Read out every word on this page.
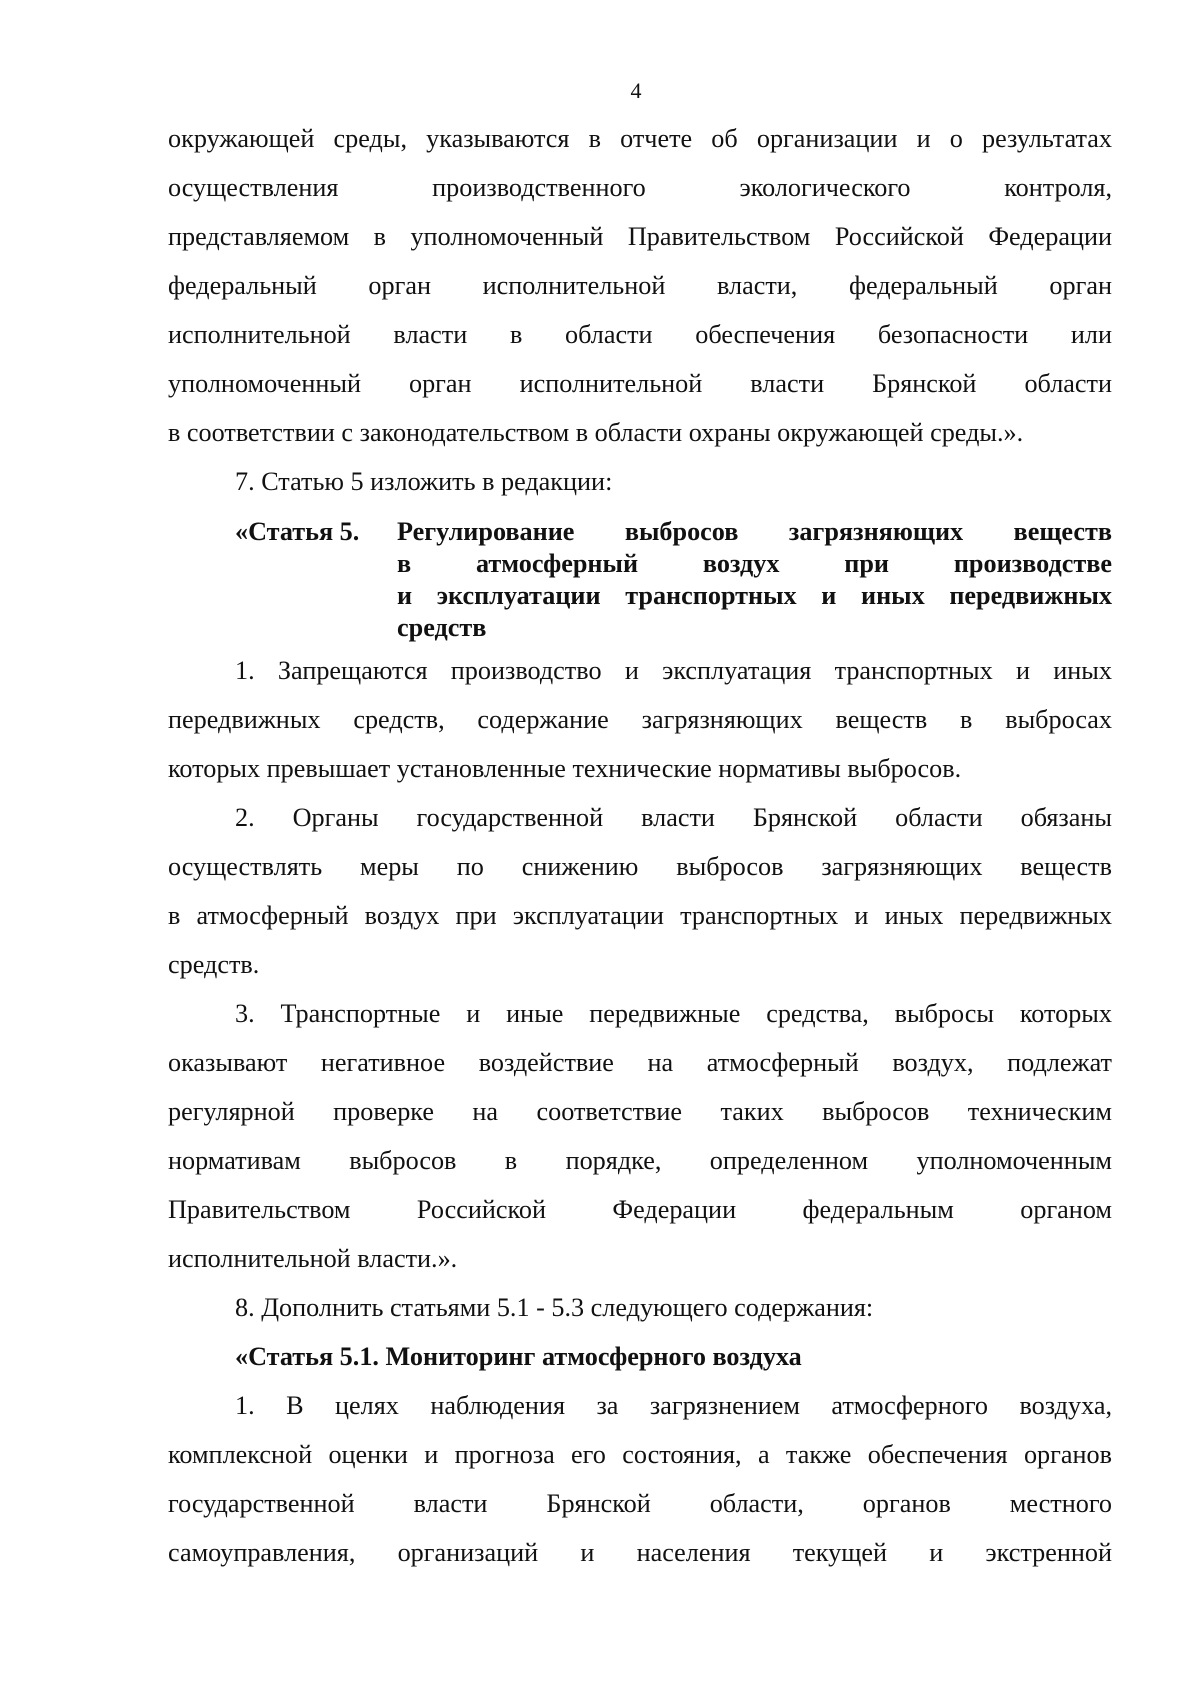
4
окружающей среды, указываются в отчете об организации и о результатах
осуществления производственного экологического контроля,
представляемом в уполномоченный Правительством Российской Федерации
федеральный орган исполнительной власти, федеральный орган
исполнительной власти в области обеспечения безопасности или
уполномоченный орган исполнительной власти Брянской области
в соответствии с законодательством в области охраны окружающей среды.».
7. Статью 5 изложить в редакции:
«Статья 5.	Регулирование выбросов загрязняющих веществ
в атмосферный воздух при производстве
и эксплуатации транспортных и иных передвижных
средств
1. Запрещаются производство и эксплуатация транспортных и иных
передвижных средств, содержание загрязняющих веществ в выбросах
которых превышает установленные технические нормативы выбросов.
2. Органы государственной власти Брянской области обязаны
осуществлять меры по снижению выбросов загрязняющих веществ
в атмосферный воздух при эксплуатации транспортных и иных передвижных
средств.
3. Транспортные и иные передвижные средства, выбросы которых
оказывают негативное воздействие на атмосферный воздух, подлежат
регулярной проверке на соответствие таких выбросов техническим
нормативам выбросов в порядке, определенном уполномоченным
Правительством Российской Федерации федеральным органом
исполнительной власти.».
8. Дополнить статьями 5.1 - 5.3 следующего содержания:
«Статья 5.1. Мониторинг атмосферного воздуха
1. В целях наблюдения за загрязнением атмосферного воздуха,
комплексной оценки и прогноза его состояния, а также обеспечения органов
государственной власти Брянской области, органов местного
самоуправления, организаций и населения текущей и экстренной
